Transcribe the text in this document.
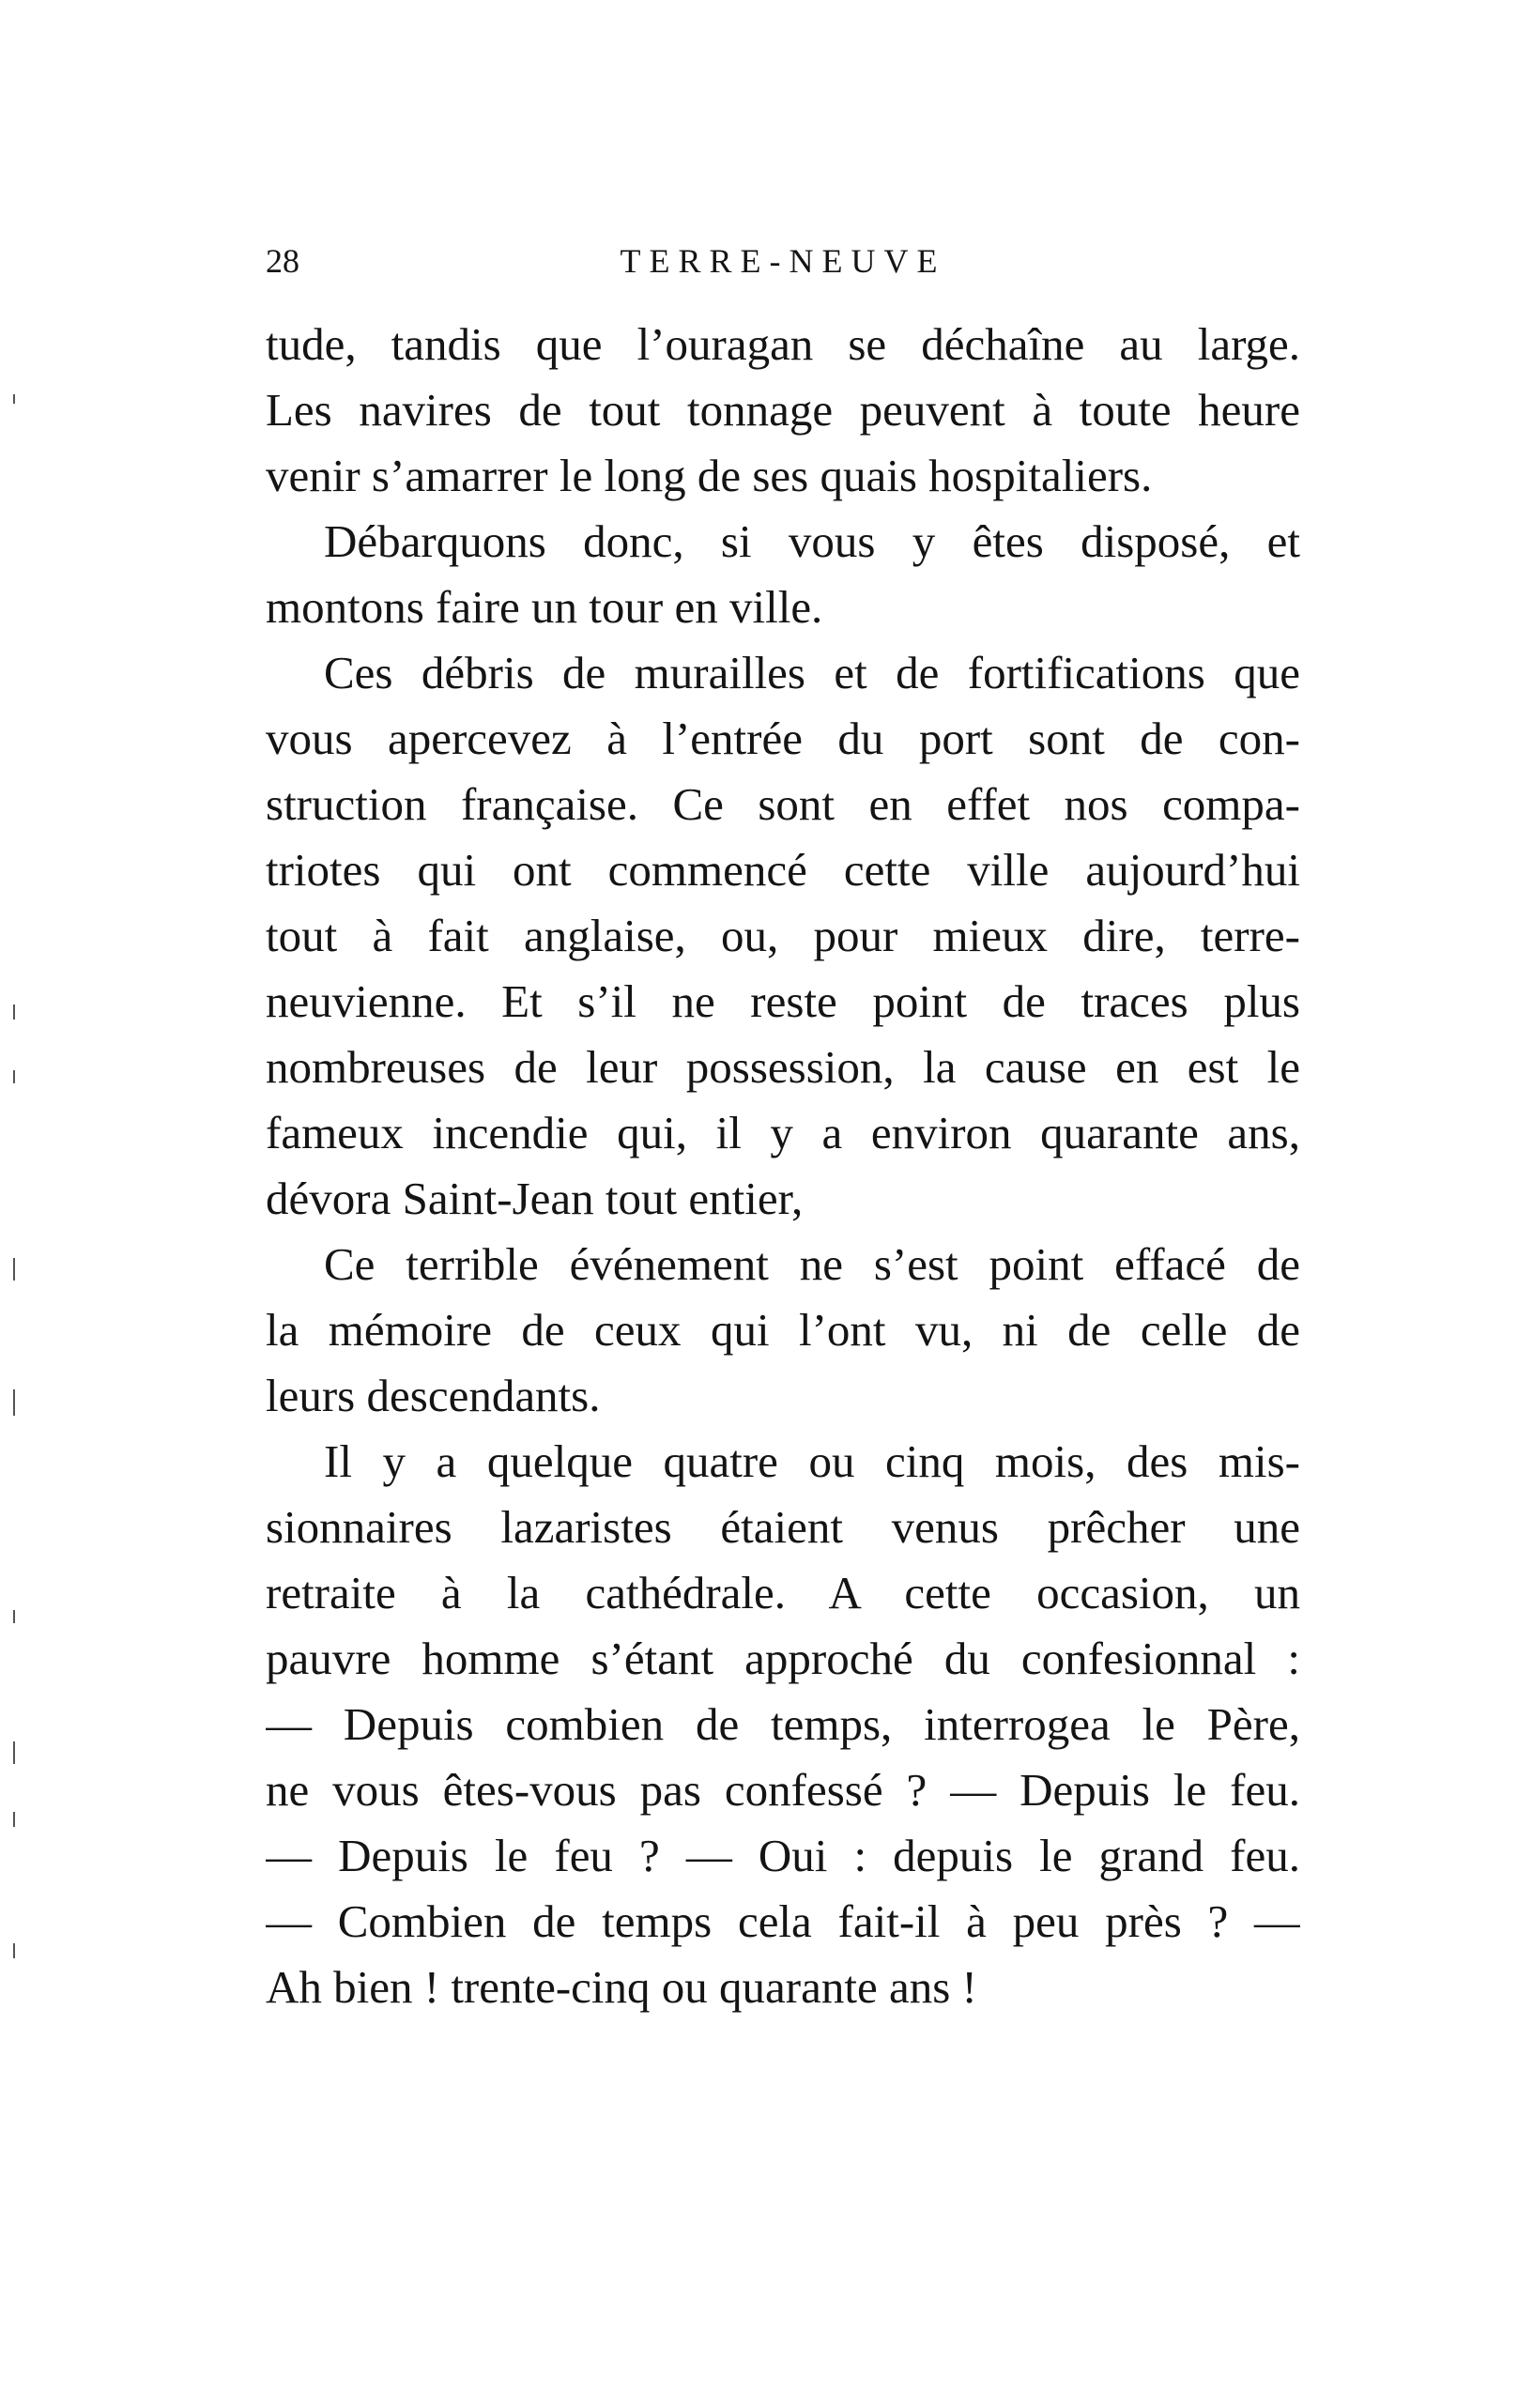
28	TERRE-NEUVE
tude, tandis que l’ouragan se déchaîne au large.
Les navires de tout tonnage peuvent à toute heure
venir s’amarrer le long de ses quais hospitaliers.
Débarquons donc, si vous y êtes disposé, et
montons faire un tour en ville.
Ces débris de murailles et de fortifications que
vous apercevez à l’entrée du port sont de con-
struction française. Ce sont en effet nos compa-
triotes qui ont commencé cette ville aujourd’hui
tout à fait anglaise, ou, pour mieux dire, terre-
neuvienne. Et s’il ne reste point de traces plus
nombreuses de leur possession, la cause en est le
fameux incendie qui, il y a environ quarante ans,
dévora Saint-Jean tout entier,
Ce terrible événement ne s’est point effacé de
la mémoire de ceux qui l’ont vu, ni de celle de
leurs descendants.
Il y a quelque quatre ou cinq mois, des mis-
sionnaires lazaristes étaient venus prêcher une
retraite à la cathédrale. A cette occasion, un
pauvre homme s’étant approché du confesionnal :
— Depuis combien de temps, interrogea le Père,
ne vous êtes-vous pas confessé ? — Depuis le feu.
— Depuis le feu ? — Oui : depuis le grand feu.
— Combien de temps cela fait-il à peu près ? —
Ah bien ! trente-cinq ou quarante ans !
